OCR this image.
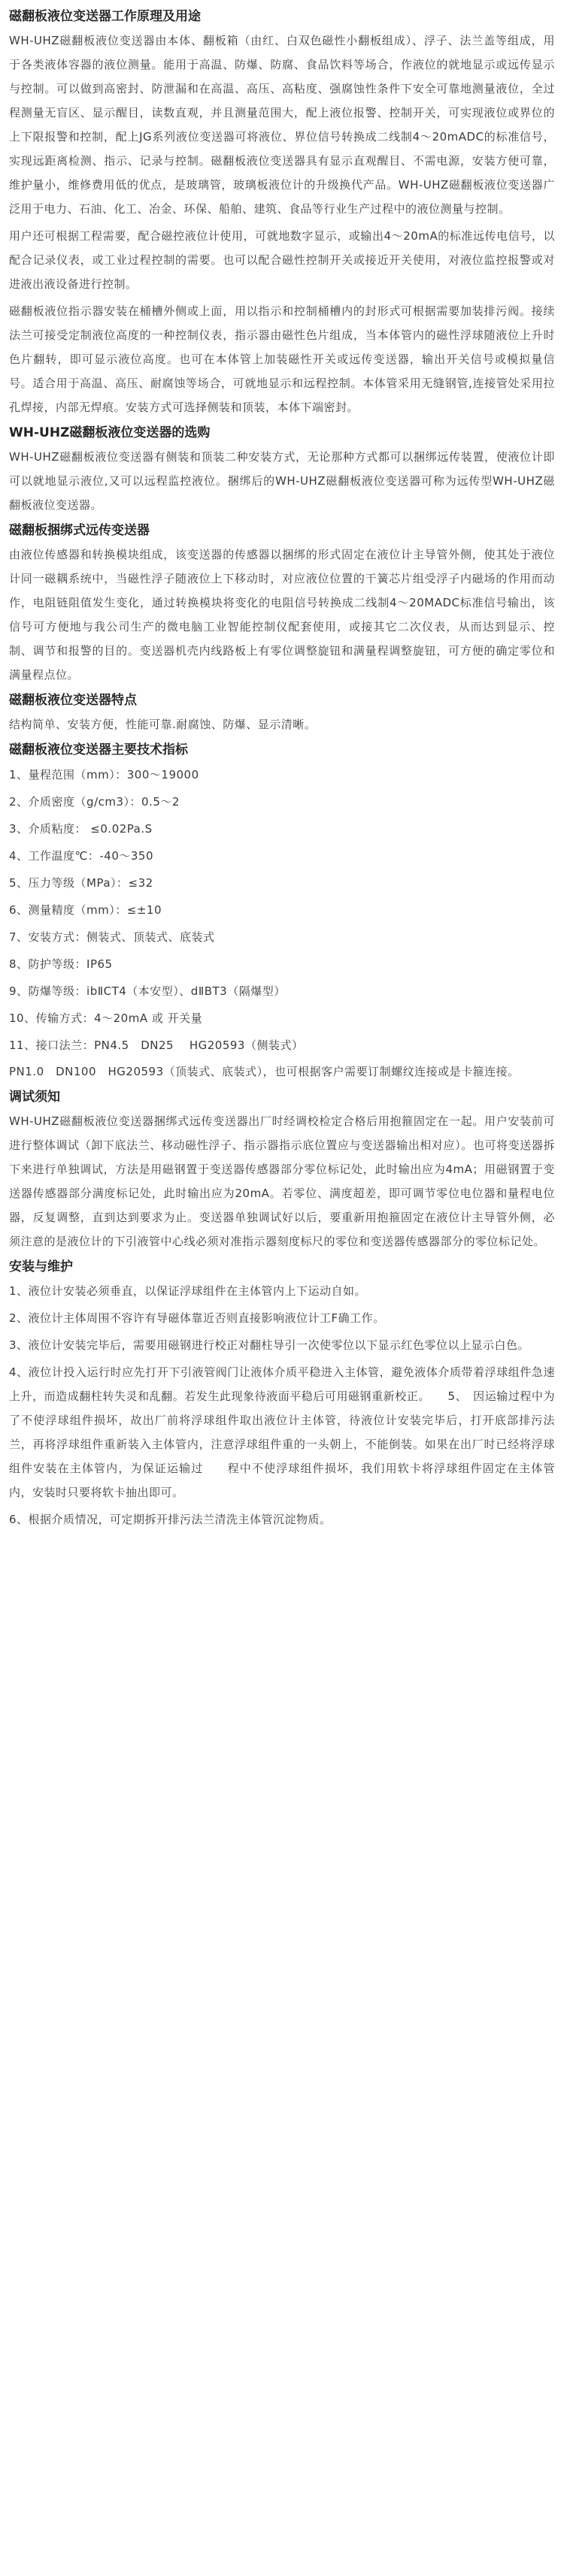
磁翻板液位变送器工作原理及用途

WH-UHZ磁翻板液位变送器由本体、翻板箱（由红、白双色磁性小翻板组成）、浮子、法兰盖等组成，用于各类液体容器的液位测量。能用于高温、防爆、防腐、食品饮料等场合，作液位的就地显示或远传显示与控制。可以做到高密封、防泄漏和在高温、高压、高粘度、强腐蚀性条件下安全可靠地测量液位，全过程测量无盲区、显示醒目，读数直观，并且测量范围大，配上液位报警、控制开关，可实现液位或界位的上下限报警和控制，配上JG系列液位变送器可将液位、界位信号转换成二线制4～20mADC的标准信号，实现远距离检测、指示、记录与控制。磁翻板液位变送器具有显示直观醒目、不需电源，安装方便可靠，维护量小，维修费用低的优点，是玻璃管，玻璃板液位计的升级换代产品。WH-UHZ磁翻板液位变送器广泛用于电力、石油、化工、冶金、环保、船舶、建筑、食品等行业生产过程中的液位测量与控制。

用户还可根据工程需要，配合磁控液位计使用，可就地数字显示，或输出4～20mA的标准远传电信号，以配合记录仪表，或工业过程控制的需要。也可以配合磁性控制开关或接近开关使用，对液位监控报警或对进液出液设备进行控制。

磁翻板液位指示器安装在桶槽外侧或上面，用以指示和控制桶槽内的封形式可根据需要加装排污阀。接续法兰可接受定制液位高度的一种控制仪表，指示器由磁性色片组成，当本体管内的磁性浮球随液位上升时色片翻转，即可显示液位高度。也可在本体管上加装磁性开关或远传变送器，输出开关信号或模拟量信号。适合用于高温、高压、耐腐蚀等场合，可就地显示和远程控制。本体管采用无缝钢管,连接管处采用拉孔焊接，内部无焊痕。安装方式可选择侧装和顶装，本体下端密封。

WH-UHZ磁翻板液位变送器的选购

WH-UHZ磁翻板液位变送器有侧装和顶装二种安装方式，无论那种方式都可以捆绑远传装置，使液位计即可以就地显示液位,又可以远程监控液位。捆绑后的WH-UHZ磁翻板液位变送器可称为远传型WH-UHZ磁翻板液位变送器。

磁翻板捆绑式远传变送器

由液位传感器和转换模块组成，该变送器的传感器以捆绑的形式固定在液位计主导管外侧，使其处于液位计同一磁耦系统中，当磁性浮子随液位上下移动时，对应液位位置的干簧芯片组受浮子内磁场的作用而动作，电阻链阻值发生变化，通过转换模块将变化的电阻信号转换成二线制4～20MADC标准信号输出，该信号可方便地与我公司生产的微电脑工业智能控制仪配套使用，或接其它二次仪表，从而达到显示、控制、调节和报警的目的。变送器机壳内线路板上有零位调整旋钮和满量程调整旋钮，可方便的确定零位和满量程点位。

磁翻板液位变送器特点

结构简单、安装方便，性能可靠.耐腐蚀、防爆、显示清晰。

磁翻板液位变送器主要技术指标
1、量程范围（mm）：300～19000
2、介质密度（g/cm3）：0.5～2
3、介质粘度： ≤0.02Pa.S
4、工作温度℃：-40～350
5、压力等级（MPa）：≤32
6、测量精度（mm）：≤±10
7、安装方式：侧装式、顶装式、底装式
8、防护等级：IP65
9、防爆等级：ibⅡCT4（本安型）、dⅡBT3（隔爆型）
10、传输方式：4～20mA 或 开关量
11、接口法兰：PN4.5　DN25　 HG20593（侧装式）

PN1.0　DN100　HG20593（顶装式、底装式），也可根据客户需要订制螺纹连接或是卡箍连接。

调试须知

WH-UHZ磁翻板液位变送器捆绑式远传变送器出厂时经调校检定合格后用抱箍固定在一起。用户安装前可进行整体调试（卸下底法兰、移动磁性浮子、指示器指示底位置应与变送器输出相对应）。也可将变送器拆下来进行单独调试，方法是用磁钢置于变送器传感器部分零位标记处，此时输出应为4mA；用磁钢置于变送器传感器部分满度标记处，此时输出应为20mA。若零位、满度超差，即可调节零位电位器和量程电位器，反复调整，直到达到要求为止。变送器单独调试好以后，要重新用抱箍固定在液位计主导管外侧，必须注意的是液位计的下引液管中心线必须对准指示器刻度标尺的零位和变送器传感器部分的零位标记处。

安装与维护

1、液位计安装必须垂直，以保证浮球组件在主体管内上下运动自如。

2、液位计主体周围不容许有导磁体靠近否则直接影响液位计工F确工作。

3、液位计安装完毕后，需要用磁钢进行校正对翻柱导引一次使零位以下显示红色零位以上显示白色。

4、液位计投入运行时应先打开下引液管阀门让液体介质平稳进入主体管，避免液体介质带着浮球组件急速上升，而造成翻柱转失灵和乱翻。若发生此现象待液面平稳后可用磁钢重新校正。　　5、　因运输过程中为了不使浮球组件损坏，故出厂前将浮球组件取出液位计主体管，待液位计安装完毕后，打开底部排污法兰，再将浮球组件重新装入主体管内，注意浮球组件重的一头朝上，不能倒装。如果在出厂时已经将浮球组件安装在主体管内，为保证运输过　　程中不使浮球组件损坏，我们用软卡将浮球组件固定在主体管内，安装时只要将软卡抽出即可。

6、根据介质情况，可定期拆开排污法兰清洗主体管沉淀物质。
